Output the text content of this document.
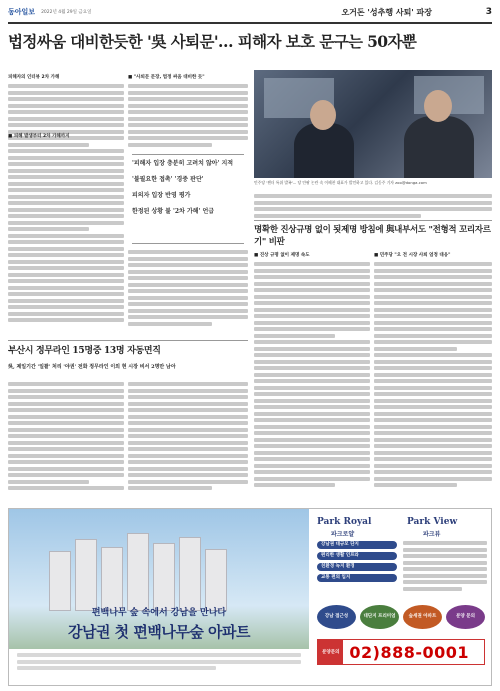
동아일보 2022년 4월 29일 금요일	오거돈 '성추행 사퇴' 파장	3
법정싸움 대비한듯한 '吳 사퇴문'… 피해자 보호 문구는 50자뿐
피해자의 인터뷰 2차 가해
■ 피해 발생부터 2차 가해까지
■ "사퇴문 문장, 법정 싸움 대비한 듯"

'피해자 입장 충분히 고려치 않아' 지적

'불필요한 접촉' '경중 판단'

피의자 입장 반영 평가

한정된 상황 불 '2차 가해' 언급

민주당 '젠더 특위 발족'... 당 안팎 논란 속 이해찬 대표가 발언하고 있다. 김동주 기자 zoo@donga.com
명확한 진상규명 없이 됫제명 방침에 與내부서도 "전형적 꼬리자르기" 비판
■ 진상 규명 없이 제명 속도	■ 민주당 "오 전 시장 사퇴 엄정 대응"
부산시 정무라인 15명중 13명 자동면직
吳, 제일기간 '일괄' 처리 '야권' 전화 정무라인 이외 현 시장 비서 2명만 남아
편백나무 숲 속에서 강남을 만나다
강남권 첫 편백나무숲 아파트
Park Royal
파크로얄
Park View
파크뷰
강남권 대규모 단지
편리한 생활 인프라
친환경 녹지 환경
교통 편의 입지
강남 접근성	대단지 프리미엄	숲세권 아파트	분양 문의
분양문의 02)888-0001
